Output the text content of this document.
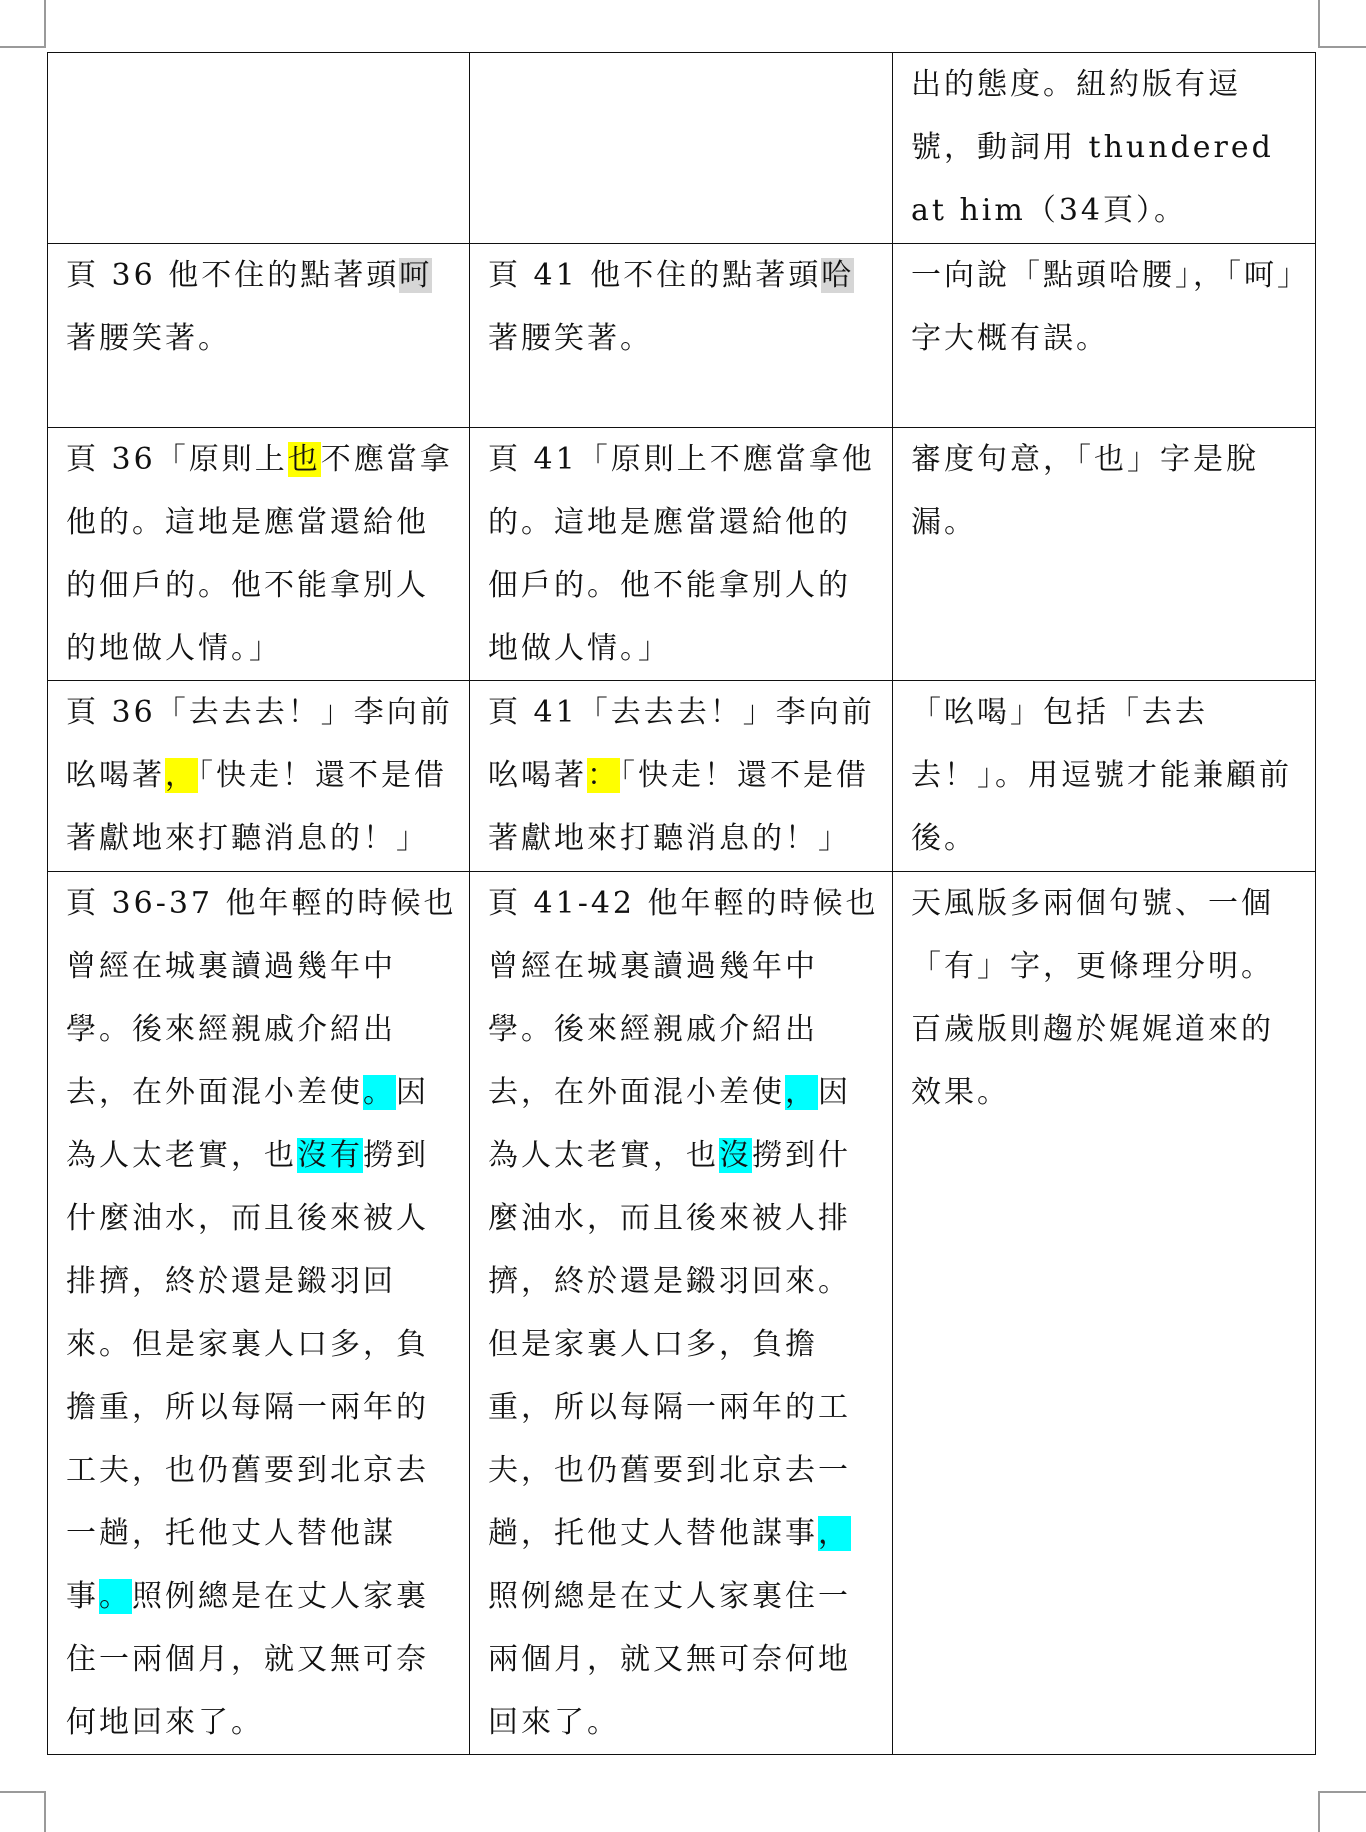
		出的態度。紐約版有逗號，動詞用 thundered at him（34頁）。
頁 36 他不住的點著頭呵著腰笑著。	頁 41 他不住的點著頭哈著腰笑著。	一向說「點頭哈腰」，「呵」字大概有誤。
頁 36「原則上也不應當拿他的。這地是應當還給他的佃戶的。他不能拿別人的地做人情。」	頁 41「原則上不應當拿他的。這地是應當還給他的佃戶的。他不能拿別人的地做人情。」	審度句意，「也」字是脫漏。
頁 36「去去去！」李向前吆喝著，「快走！還不是借著獻地來打聽消息的！」	頁 41「去去去！」李向前吆喝著：「快走！還不是借著獻地來打聽消息的！」	「吆喝」包括「去去去！」。用逗號才能兼顧前後。
頁 36-37 他年輕的時候也曾經在城裏讀過幾年中學。後來經親戚介紹出去，在外面混小差使。因為人太老實，也沒有撈到什麼油水，而且後來被人排擠，終於還是鎩羽回來。但是家裏人口多，負擔重，所以每隔一兩年的工夫，也仍舊要到北京去一趟，托他丈人替他謀事。照例總是在丈人家裏住一兩個月，就又無可奈何地回來了。	頁 41-42 他年輕的時候也曾經在城裏讀過幾年中學。後來經親戚介紹出去，在外面混小差使，因為人太老實，也沒撈到什麼油水，而且後來被人排擠，終於還是鎩羽回來。但是家裏人口多，負擔重，所以每隔一兩年的工夫，也仍舊要到北京去一趟，托他丈人替他謀事，照例總是在丈人家裏住一兩個月，就又無可奈何地回來了。	天風版多兩個句號、一個「有」字，更條理分明。百歲版則趨於娓娓道來的效果。
